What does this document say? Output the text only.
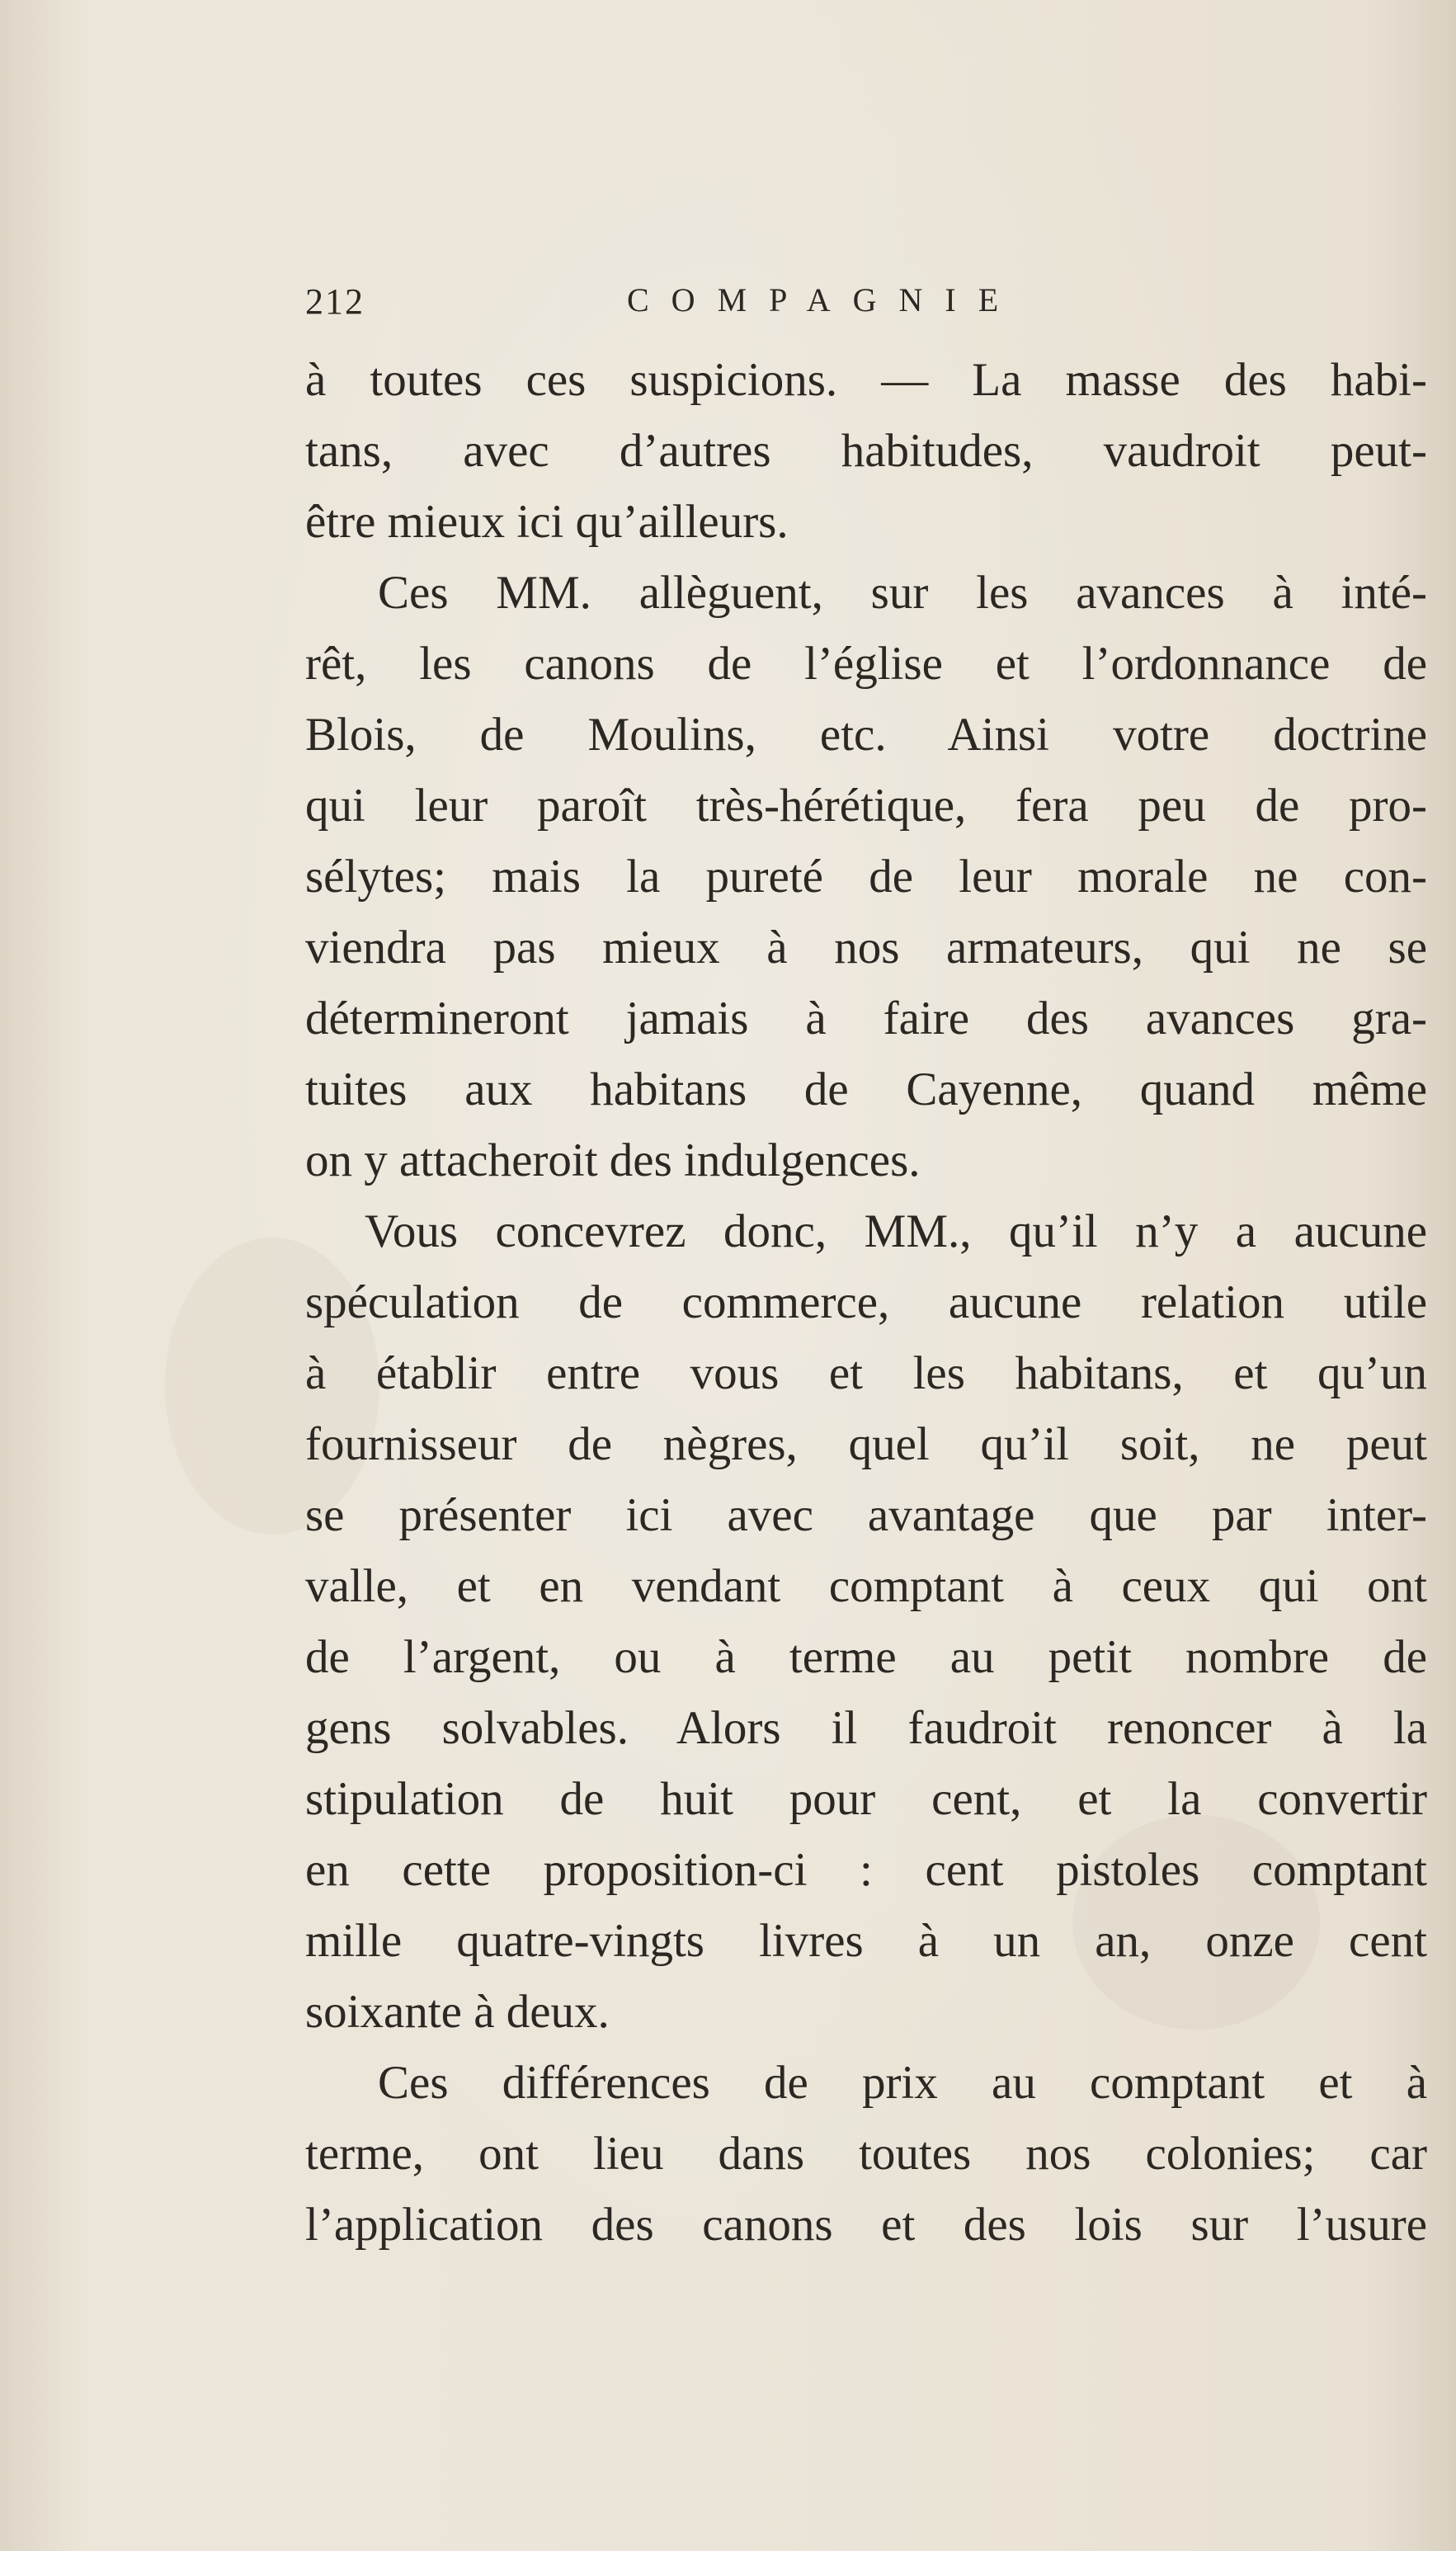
212	COMPAGNIE
à toutes ces suspicions. — La masse des habi-
tans, avec d’autres habitudes, vaudroit peut-
être mieux ici qu’ailleurs.
Ces MM. allèguent, sur les avances à inté-
rêt, les canons de l’église et l’ordonnance de
Blois, de Moulins, etc. Ainsi votre doctrine
qui leur paroît très-hérétique, fera peu de pro-
sélytes; mais la pureté de leur morale ne con-
viendra pas mieux à nos armateurs, qui ne se
détermineront jamais à faire des avances gra-
tuites aux habitans de Cayenne, quand même
on y attacheroit des indulgences.
Vous concevrez donc, MM., qu’il n’y a aucune
spéculation de commerce, aucune relation utile
à établir entre vous et les habitans, et qu’un
fournisseur de nègres, quel qu’il soit, ne peut
se présenter ici avec avantage que par inter-
valle, et en vendant comptant à ceux qui ont
de l’argent, ou à terme au petit nombre de
gens solvables. Alors il faudroit renoncer à la
stipulation de huit pour cent, et la convertir
en cette proposition-ci : cent pistoles comptant
mille quatre-vingts livres à un an, onze cent
soixante à deux.
Ces différences de prix au comptant et à
terme, ont lieu dans toutes nos colonies; car
l’application des canons et des lois sur l’usure
